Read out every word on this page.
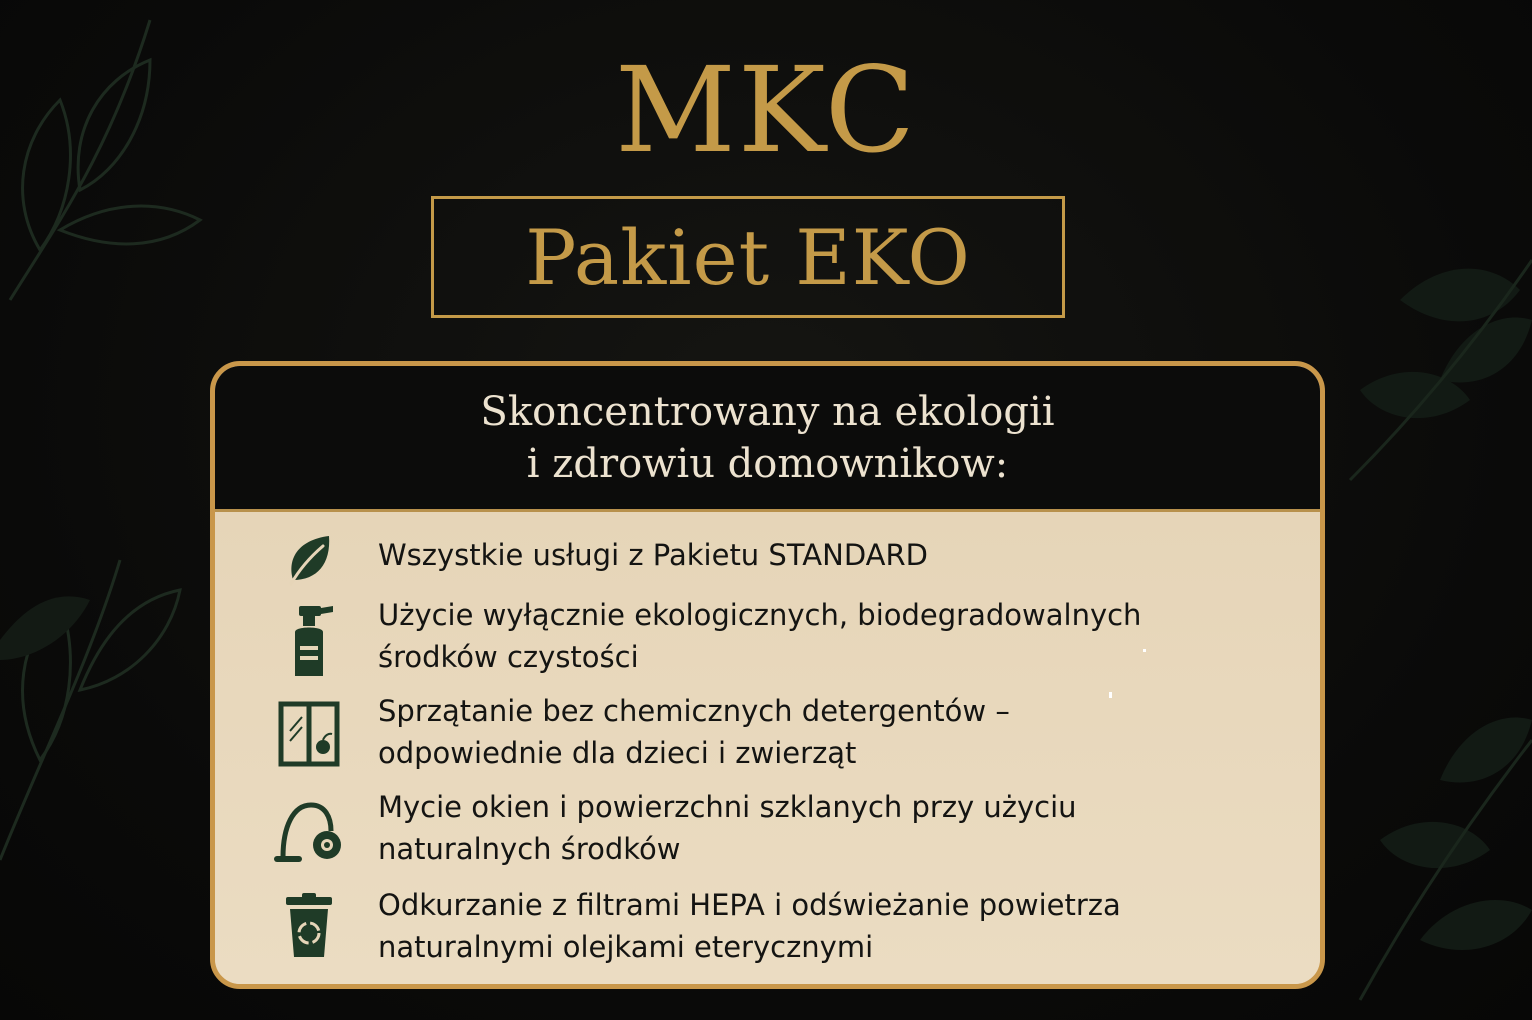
MKC
Pakiet EKO
Skoncentrowany na ekologii
i zdrowiu domownikow:
Wszystkie usługi z Pakietu STANDARD
Użycie wyłącznie ekologicznych, biodegradowalnych
środków czystości
Sprzątanie bez chemicznych detergentów –
odpowiednie dla dzieci i zwierząt
Mycie okien i powierzchni szklanych przy użyciu
naturalnych środków
Odkurzanie z filtrami HEPA i odświeżanie powietrza
naturalnymi olejkami eterycznymi
